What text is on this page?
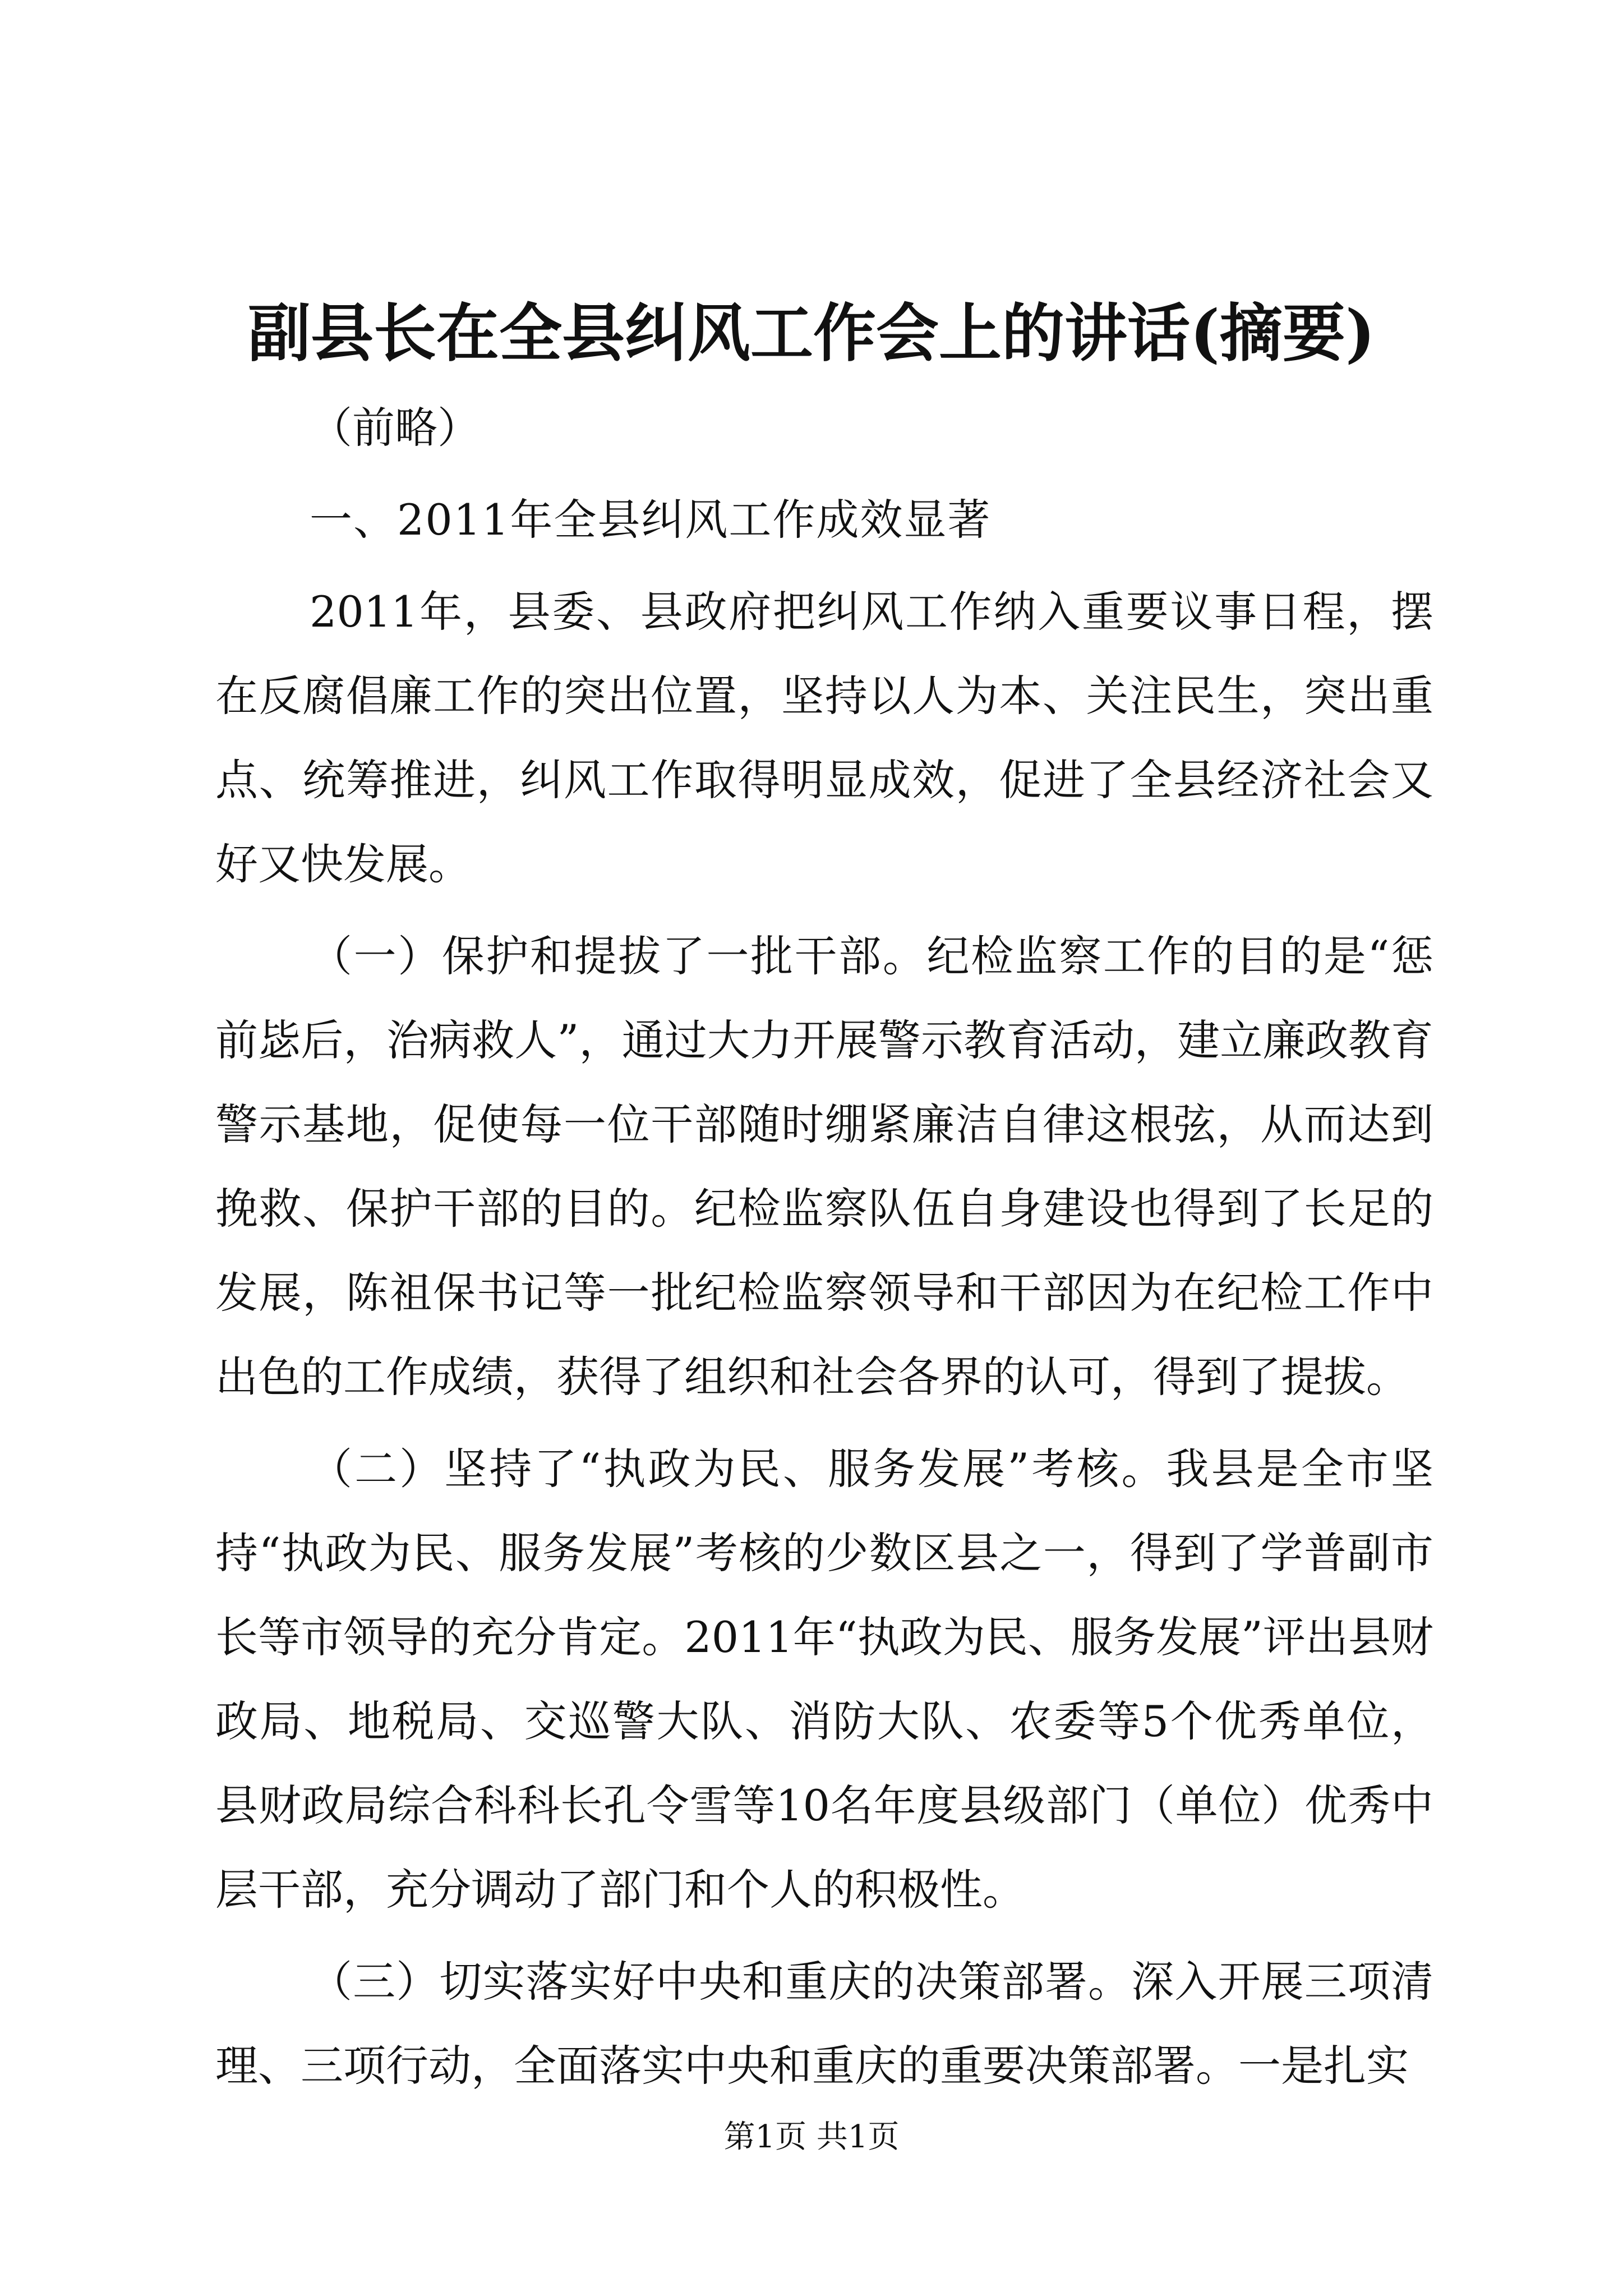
副县长在全县纠风工作会上的讲话(摘要)

（前略）

一、2011年全县纠风工作成效显著

2011年，县委、县政府把纠风工作纳入重要议事日程，摆在反腐倡廉工作的突出位置，坚持以人为本、关注民生，突出重点、统筹推进，纠风工作取得明显成效，促进了全县经济社会又好又快发展。

（一）保护和提拔了一批干部。纪检监察工作的目的是“惩前毖后，治病救人”，通过大力开展警示教育活动，建立廉政教育警示基地，促使每一位干部随时绷紧廉洁自律这根弦，从而达到挽救、保护干部的目的。纪检监察队伍自身建设也得到了长足的发展，陈祖保书记等一批纪检监察领导和干部因为在纪检工作中出色的工作成绩，获得了组织和社会各界的认可，得到了提拔。

（二）坚持了“执政为民、服务发展”考核。我县是全市坚持“执政为民、服务发展”考核的少数区县之一，得到了学普副市长等市领导的充分肯定。2011年“执政为民、服务发展”评出县财政局、地税局、交巡警大队、消防大队、农委等5个优秀单位，县财政局综合科科长孔令雪等10名年度县级部门（单位）优秀中层干部，充分调动了部门和个人的积极性。

（三）切实落实好中央和重庆的决策部署。深入开展三项清理、三项行动，全面落实中央和重庆的重要决策部署。一是扎实

第1页 共1页
